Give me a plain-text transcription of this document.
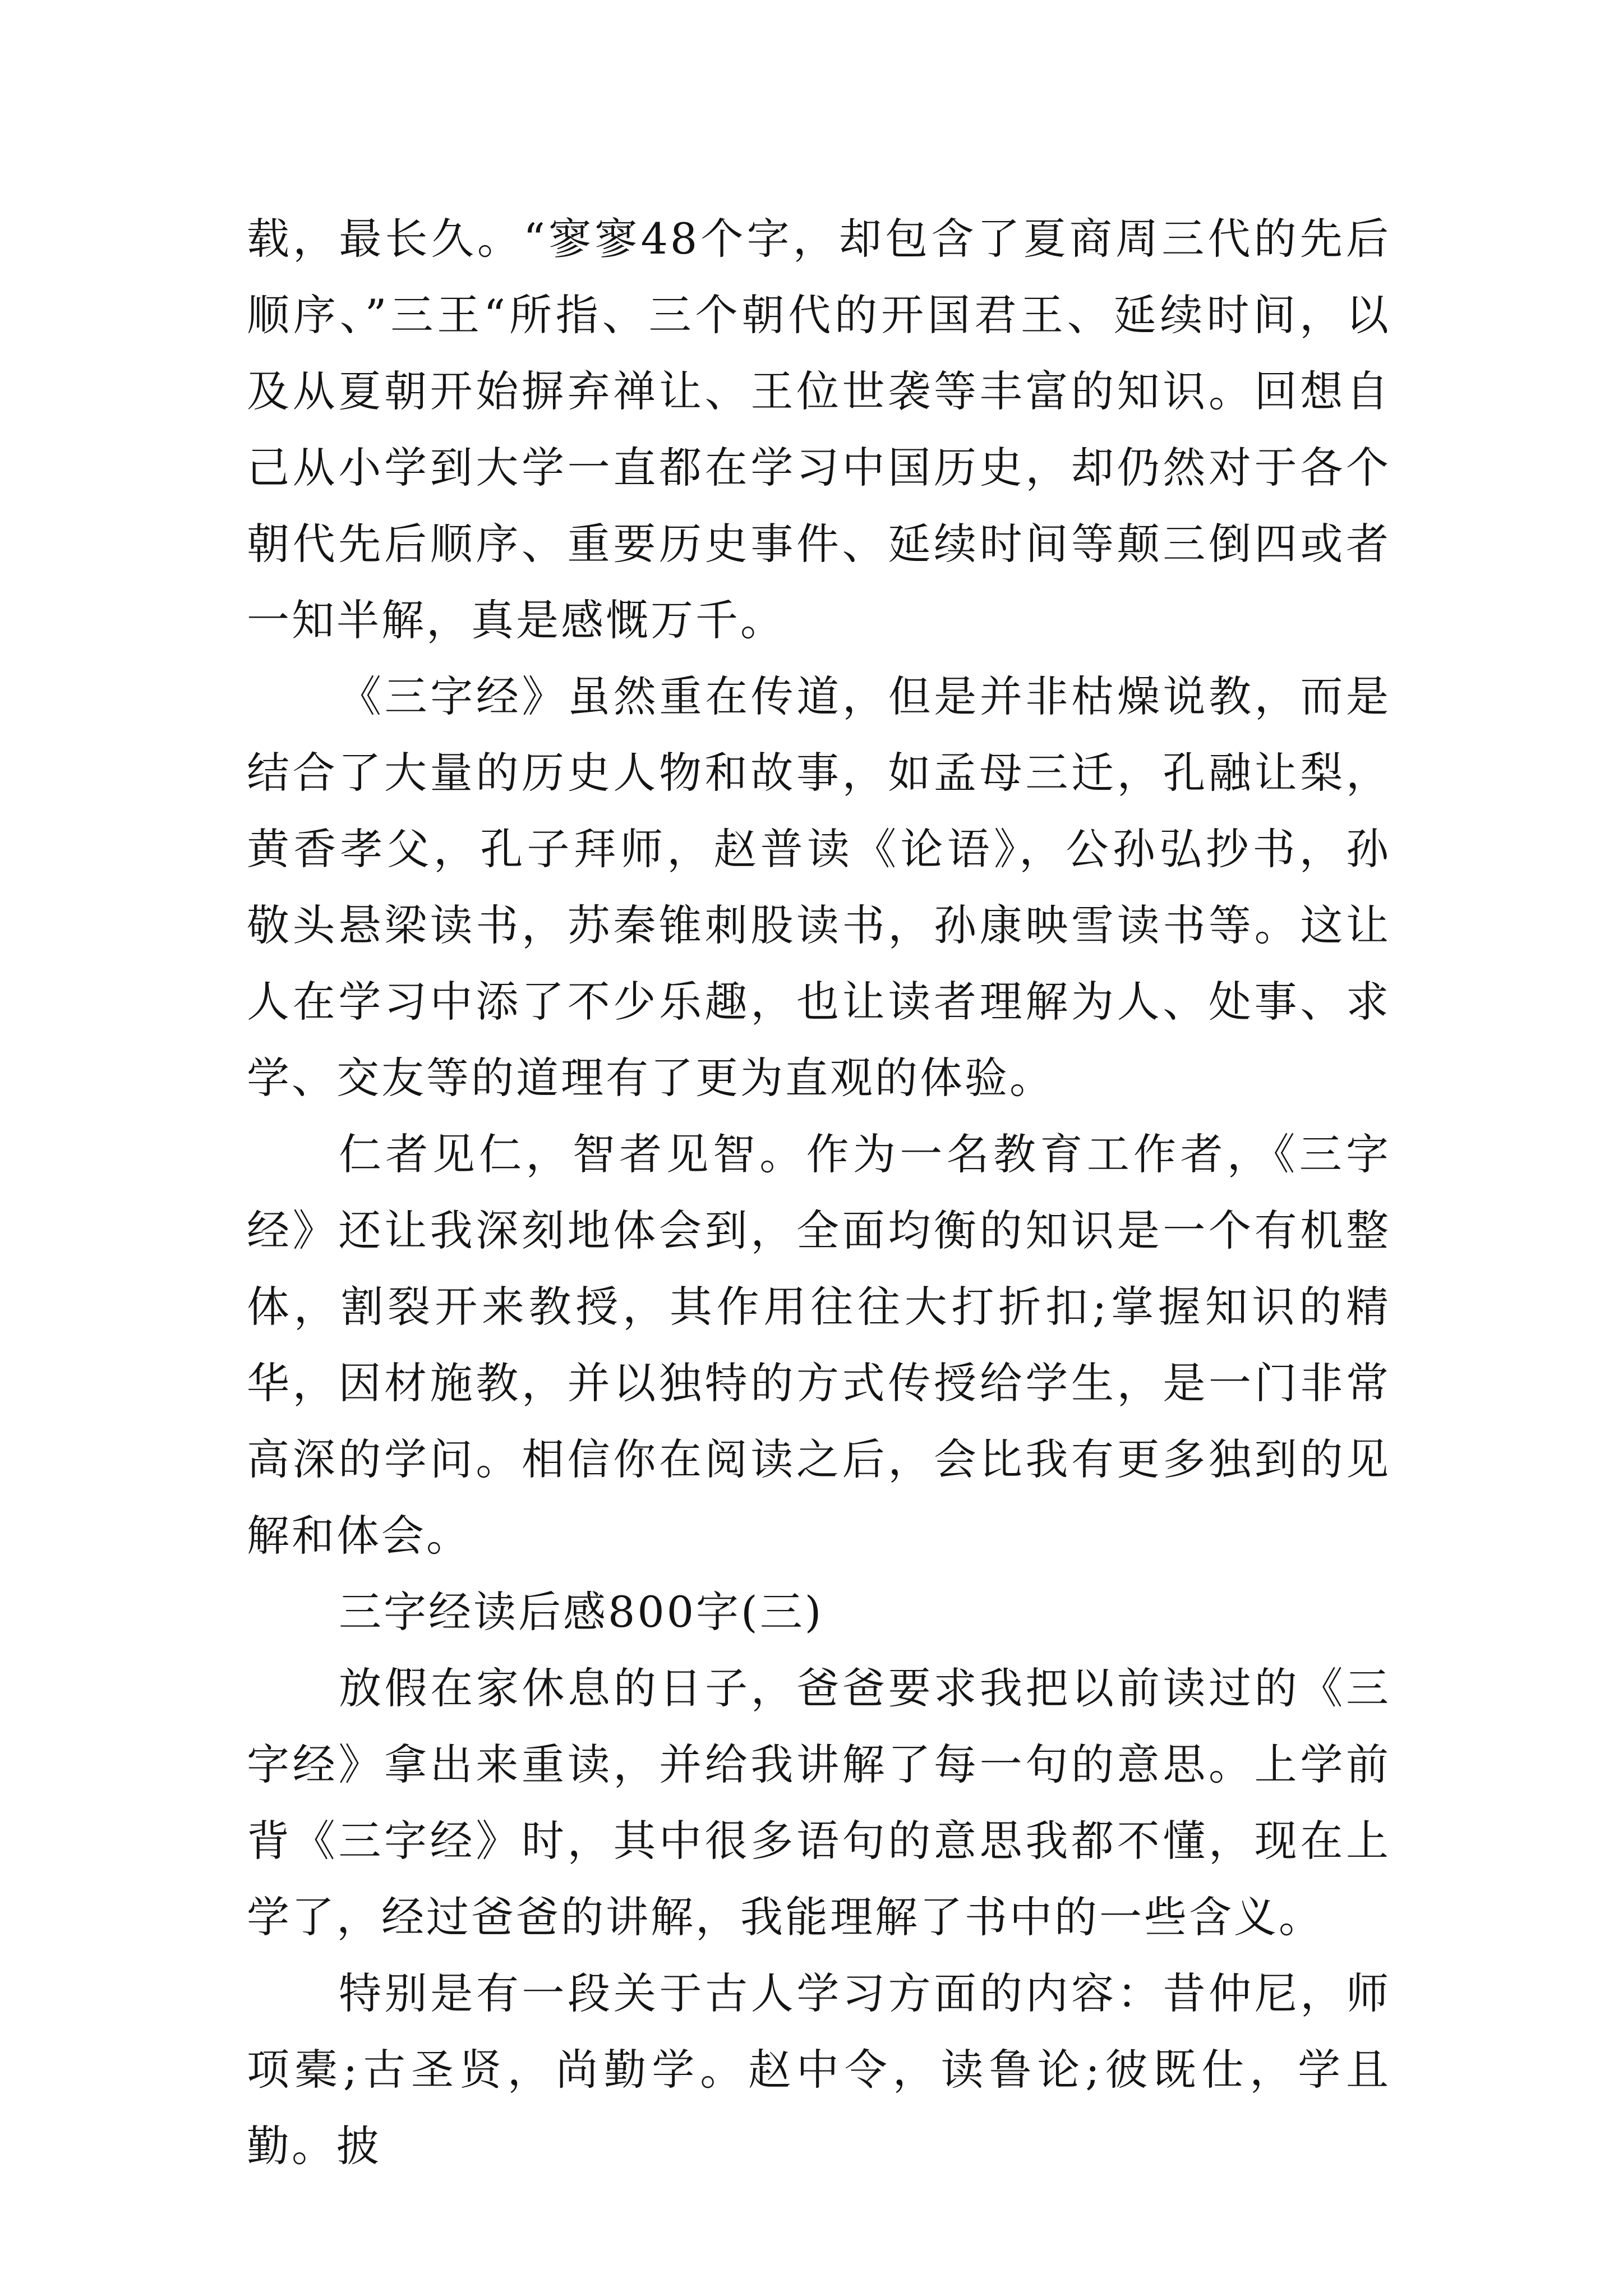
载，最长久。“寥寥48个字，却包含了夏商周三代的先后顺序、”三王“所指、三个朝代的开国君王、延续时间，以及从夏朝开始摒弃禅让、王位世袭等丰富的知识。回想自己从小学到大学一直都在学习中国历史，却仍然对于各个朝代先后顺序、重要历史事件、延续时间等颠三倒四或者一知半解，真是感慨万千。

《三字经》虽然重在传道，但是并非枯燥说教，而是结合了大量的历史人物和故事，如孟母三迁，孔融让梨，黄香孝父，孔子拜师，赵普读《论语》，公孙弘抄书，孙敬头悬梁读书，苏秦锥刺股读书，孙康映雪读书等。这让人在学习中添了不少乐趣，也让读者理解为人、处事、求学、交友等的道理有了更为直观的体验。

仁者见仁，智者见智。作为一名教育工作者，《三字经》还让我深刻地体会到，全面均衡的知识是一个有机整体，割裂开来教授，其作用往往大打折扣;掌握知识的精华，因材施教，并以独特的方式传授给学生，是一门非常高深的学问。相信你在阅读之后，会比我有更多独到的见解和体会。

三字经读后感800字(三)

放假在家休息的日子，爸爸要求我把以前读过的《三字经》拿出来重读，并给我讲解了每一句的意思。上学前背《三字经》时，其中很多语句的意思我都不懂，现在上学了，经过爸爸的讲解，我能理解了书中的一些含义。

特别是有一段关于古人学习方面的内容：昔仲尼，师项橐;古圣贤，尚勤学。赵中令，读鲁论;彼既仕，学且勤。披
